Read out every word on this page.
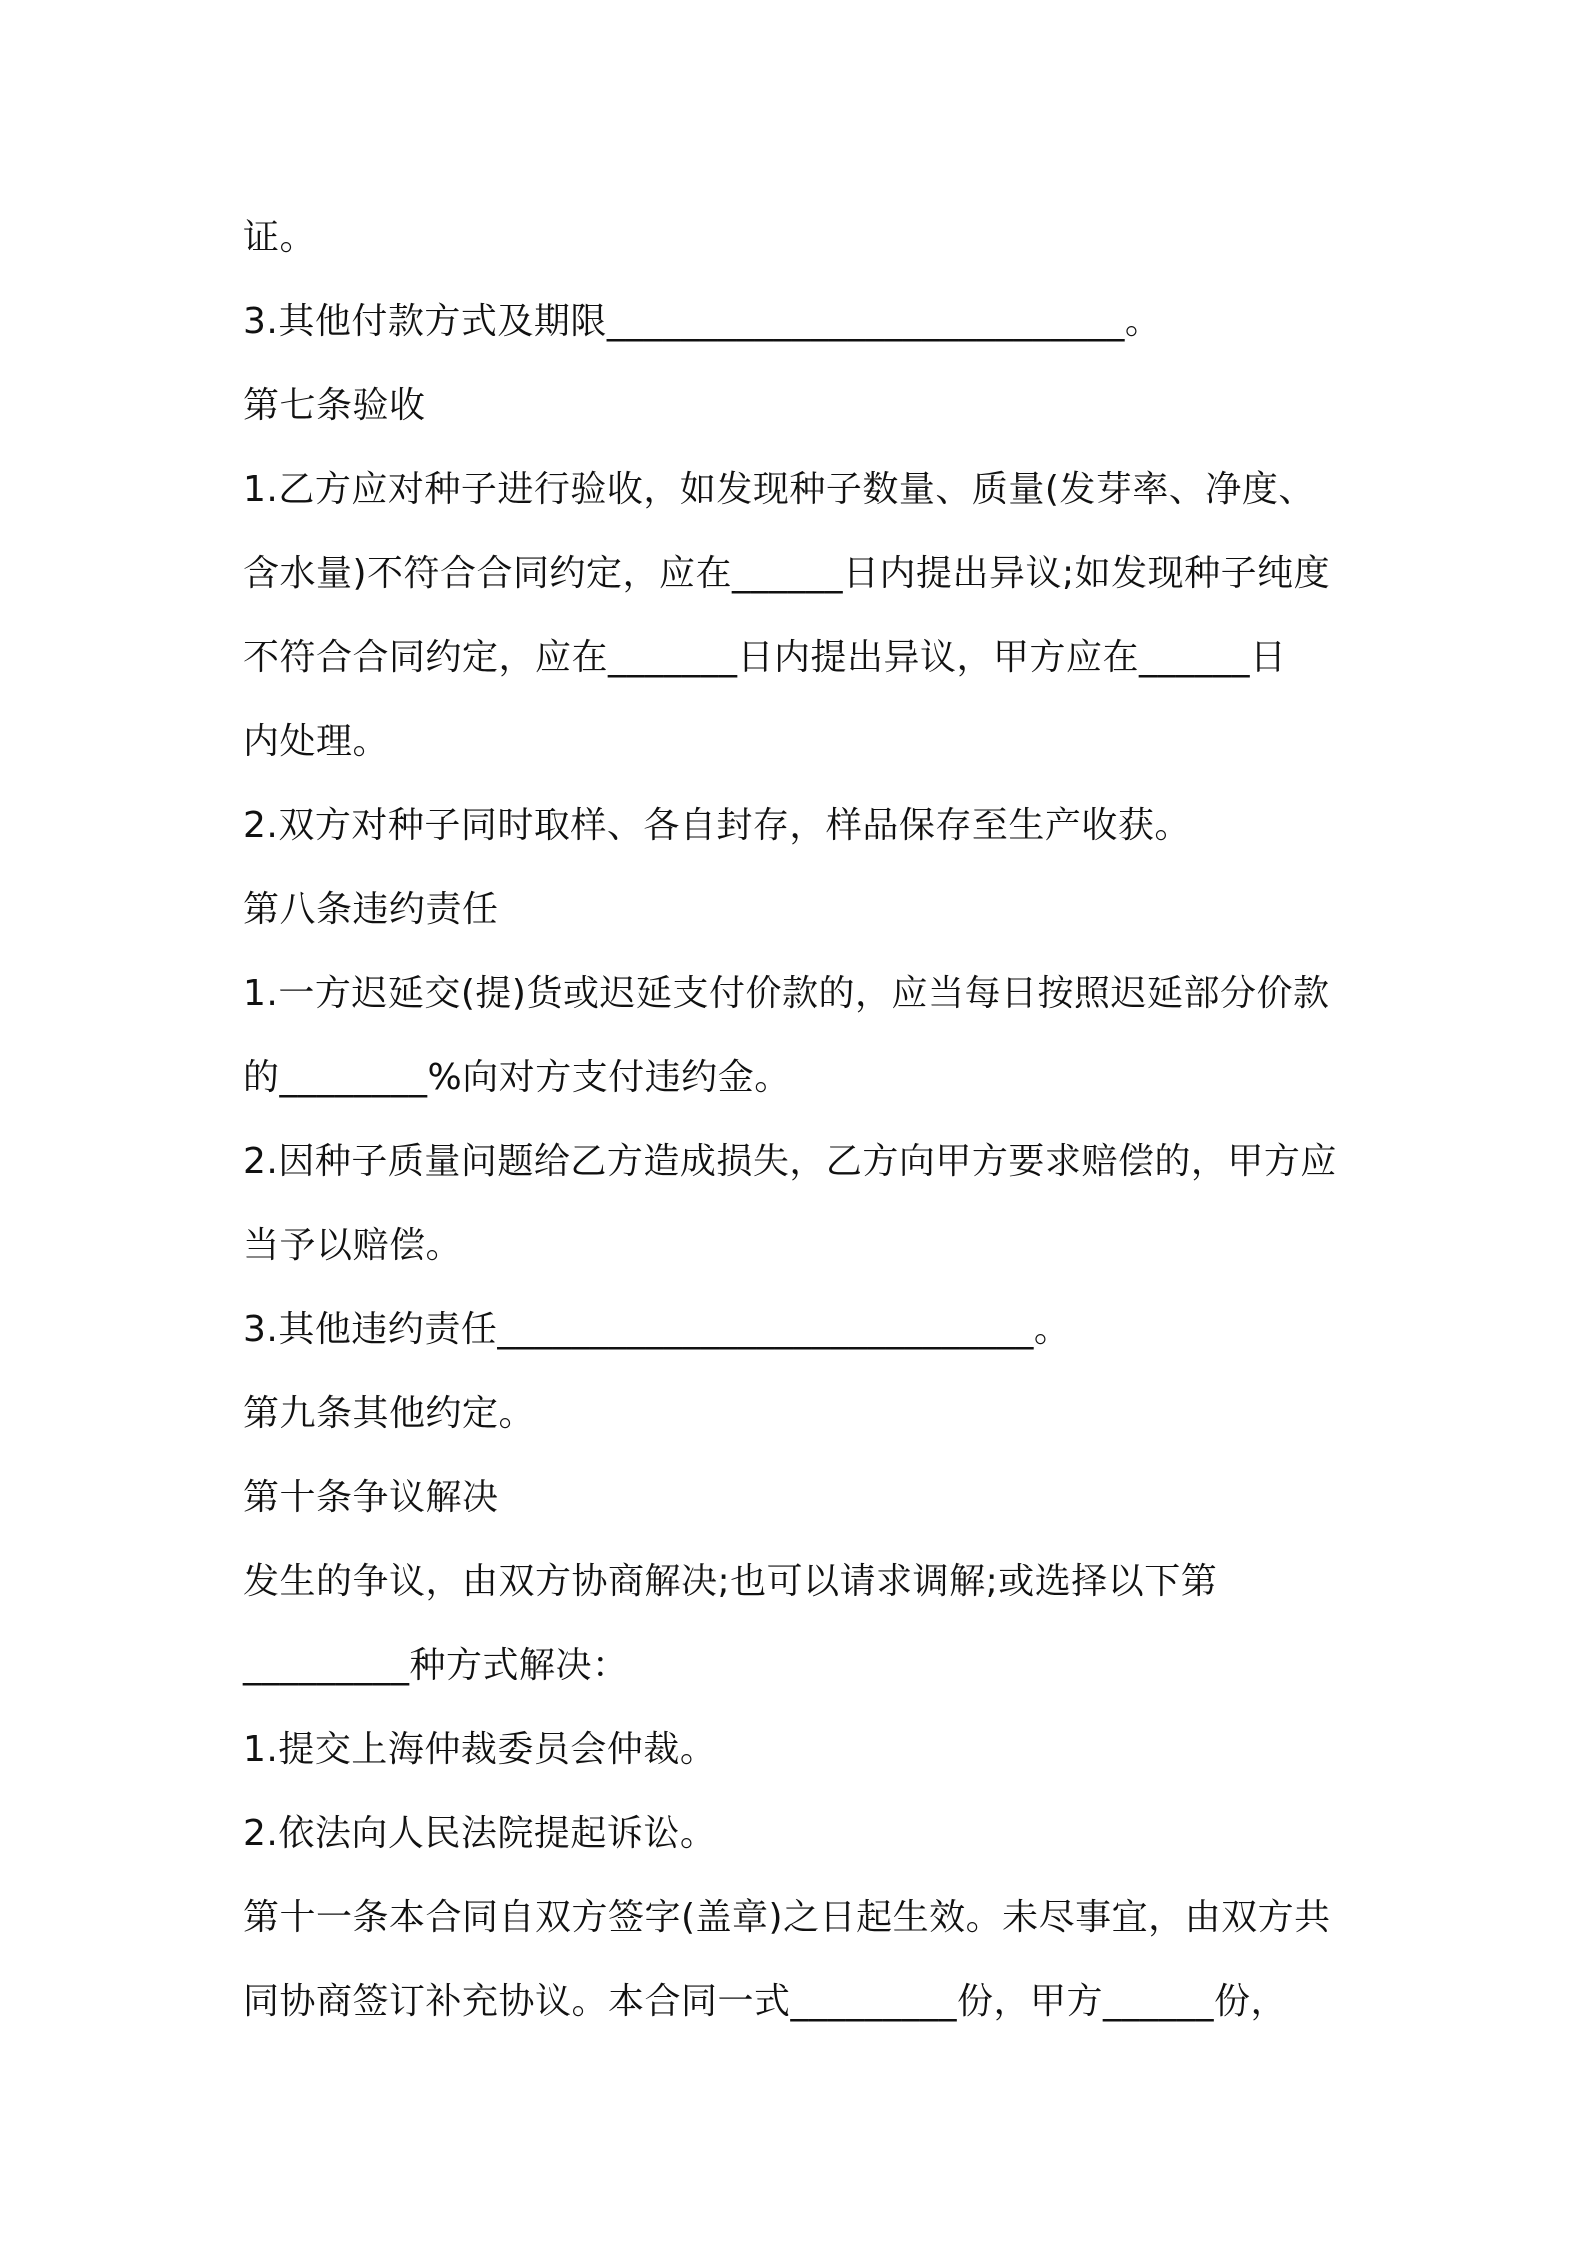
证。

3.其他付款方式及期限____________________________。

第七条验收

1.乙方应对种子进行验收，如发现种子数量、质量(发芽率、净度、

含水量)不符合合同约定，应在______日内提出异议;如发现种子纯度

不符合合同约定，应在_______日内提出异议，甲方应在______日

内处理。

2.双方对种子同时取样、各自封存，样品保存至生产收获。

第八条违约责任

1.一方迟延交(提)货或迟延支付价款的，应当每日按照迟延部分价款

的________%向对方支付违约金。

2.因种子质量问题给乙方造成损失，乙方向甲方要求赔偿的，甲方应

当予以赔偿。

3.其他违约责任_____________________________。

第九条其他约定。

第十条争议解决

发生的争议，由双方协商解决;也可以请求调解;或选择以下第

_________种方式解决：

1.提交上海仲裁委员会仲裁。

2.依法向人民法院提起诉讼。

第十一条本合同自双方签字(盖章)之日起生效。未尽事宜，由双方共

同协商签订补充协议。本合同一式_________份，甲方______份，
